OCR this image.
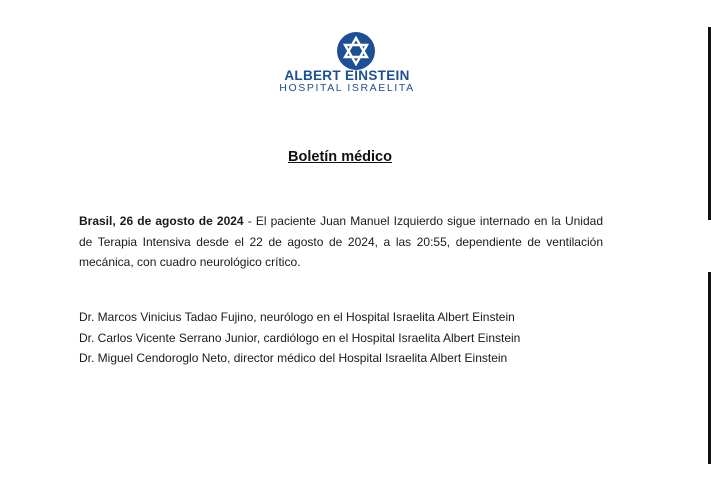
ALBERT EINSTEIN
HOSPITAL ISRAELITA
Boletín médico
Brasil, 26 de agosto de 2024 - El paciente Juan Manuel Izquierdo sigue internado en la Unidad de Terapia Intensiva desde el 22 de agosto de 2024, a las 20:55, dependiente de ventilación mecánica, con cuadro neurológico crítico.
Dr. Marcos Vinicius Tadao Fujino, neurólogo en el Hospital Israelita Albert Einstein
Dr. Carlos Vicente Serrano Junior, cardiólogo en el Hospital Israelita Albert Einstein
Dr. Miguel Cendoroglo Neto, director médico del Hospital Israelita Albert Einstein
